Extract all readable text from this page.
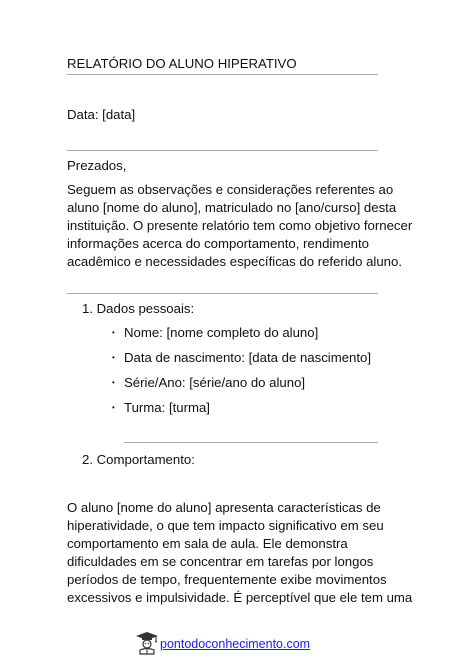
RELATÓRIO DO ALUNO HIPERATIVO
Data: [data]
Prezados,
Seguem as observações e considerações referentes ao
aluno [nome do aluno], matriculado no [ano/curso] desta
instituição. O presente relatório tem como objetivo fornecer
informações acerca do comportamento, rendimento
acadêmico e necessidades específicas do referido aluno.
1. Dados pessoais:
• Nome: [nome completo do aluno]
• Data de nascimento: [data de nascimento]
• Série/Ano: [série/ano do aluno]
• Turma: [turma]
2. Comportamento:
O aluno [nome do aluno] apresenta características de
hiperatividade, o que tem impacto significativo em seu
comportamento em sala de aula. Ele demonstra
dificuldades em se concentrar em tarefas por longos
períodos de tempo, frequentemente exibe movimentos
excessivos e impulsividade. É perceptível que ele tem uma
pontodoconhecimento.com
